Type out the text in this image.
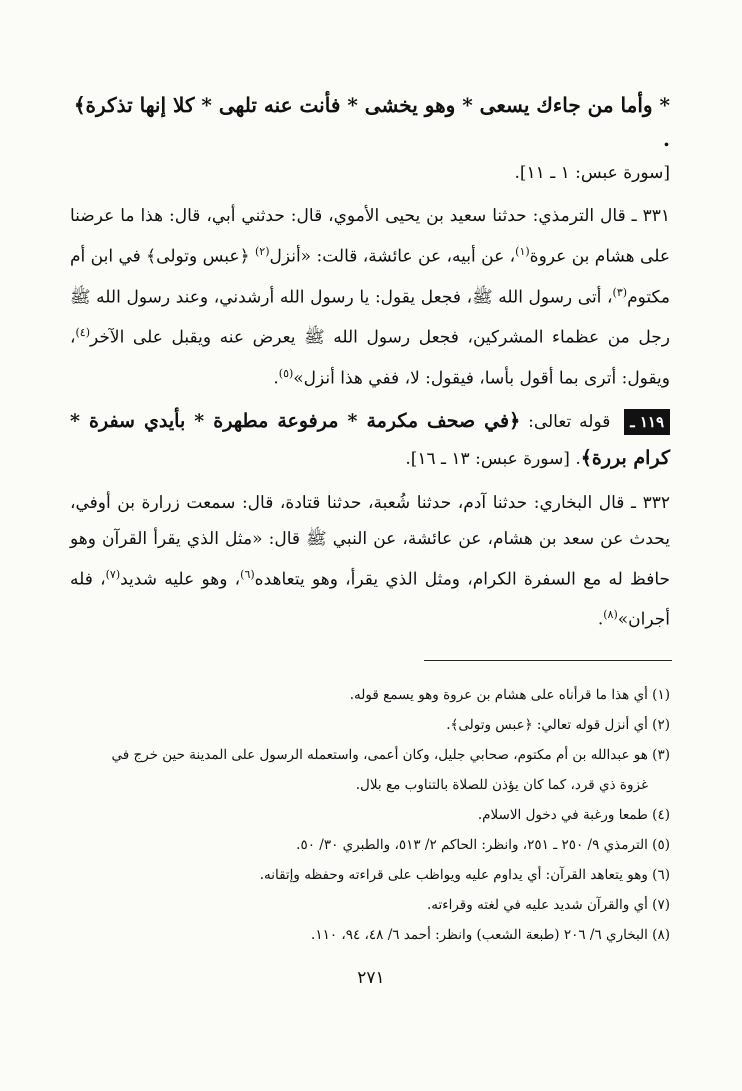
* وأما من جاءك يسعى * وهو يخشى * فأنت عنه تلهى * كلا إنها تذكرة﴾ .
[سورة عبس: ١ ـ ١١].
٣٣١ ـ قال الترمذي: حدثنا سعيد بن يحيى الأموي، قال: حدثني أبي، قال: هذا ما عرضنا على هشام بن عروة$^{(١)}$، عن أبيه، عن عائشة، قالت: «أنزل$^{(٢)}$ ﴿عبس وتولى﴾ في ابن أم مكتوم$^{(٣)}$، أتى رسول الله ﷺ، فجعل يقول: يا رسول الله أرشدني، وعند رسول الله ﷺ رجل من عظماء المشركين، فجعل رسول الله ﷺ يعرض عنه ويقبل على الآخر$^{(٤)}$، ويقول: أترى بما أقول بأسا، فيقول: لا، ففي هذا أنزل»$^{(٥)}$.
١١٩ ـ قوله تعالى: ﴿في صحف مكرمة * مرفوعة مطهرة * بأيدي سفرة * كرام بررة﴾. [سورة عبس: ١٣ ـ ١٦].
٣٣٢ ـ قال البخاري: حدثنا آدم، حدثنا شُعبة، حدثنا قتادة، قال: سمعت زرارة بن أوفي، يحدث عن سعد بن هشام، عن عائشة، عن النبي ﷺ قال: «مثل الذي يقرأ القرآن وهو حافظ له مع السفرة الكرام، ومثل الذي يقرأ، وهو يتعاهده$^{(٦)}$، وهو عليه شديد$^{(٧)}$، فله أجران»$^{(٨)}$.
(١) أي هذا ما قرأناه على هشام بن عروة وهو يسمع قوله.
(٢) أي أنزل قوله تعالي: ﴿عبس وتولى﴾.
(٣) هو عبدالله بن أم مكتوم، صحابي جليل، وكان أعمى، واستعمله الرسول على المدينة حين خرج في
غزوة ذي قرد، كما كان يؤذن للصلاة بالتناوب مع بلال.
(٤) طمعا ورغبة في دخول الاسلام.
(٥) الترمذي ٩/ ٢٥٠ ـ ٢٥١، وانظر: الحاكم ٢/ ٥١٣، والطبري ٣٠/ ٥٠.
(٦) وهو يتعاهد القرآن: أي يداوم عليه ويواظب على قراءته وحفظه وإتقانه.
(٧) أي والقرآن شديد عليه في لغته وقراءته.
(٨) البخاري ٦/ ٢٠٦ (طبعة الشعب) وانظر: أحمد ٦/ ٤٨، ٩٤، ١١٠.
٢٧١
